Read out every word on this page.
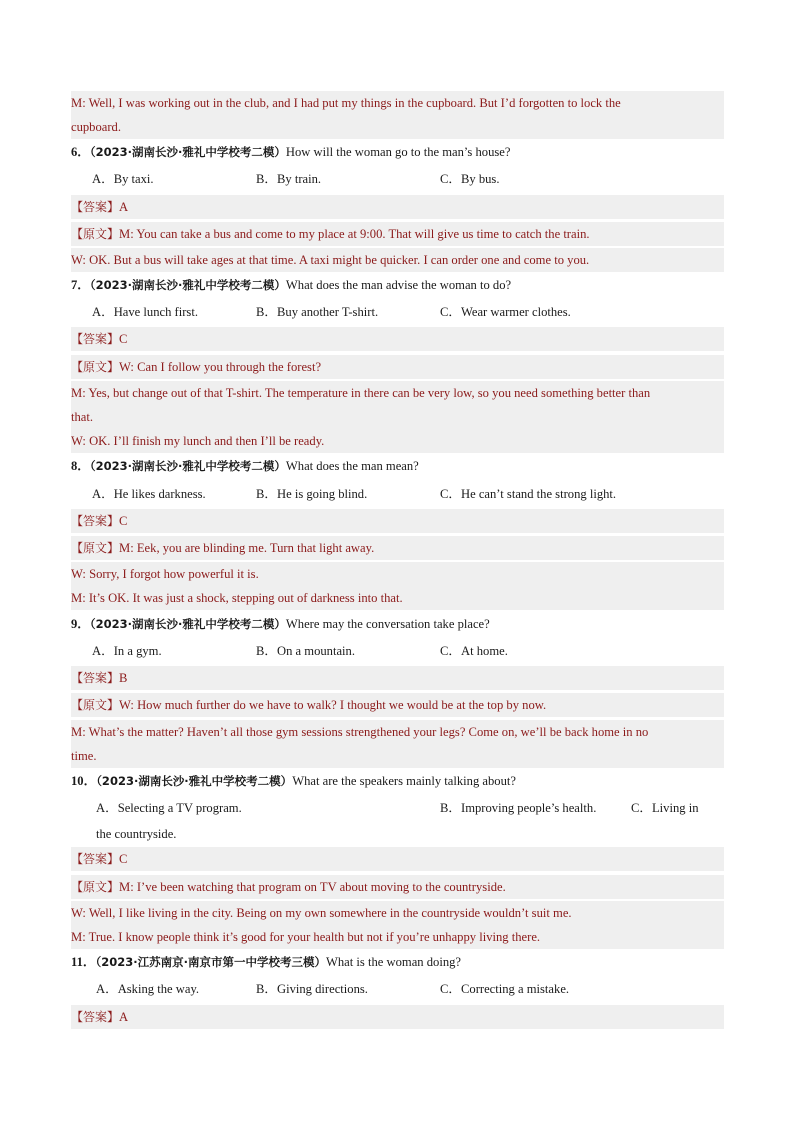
M: Well, I was working out in the club, and I had put my things in the cupboard. But I’d forgotten to lock the
cupboard.
6．（2023·湖南长沙·雅礼中学校考二模）How will the woman go to the man’s house?
A．By taxi.	B．By train.	C．By bus.
【答案】A
【原文】M: You can take a bus and come to my place at 9:00. That will give us time to catch the train.
W: OK. But a bus will take ages at that time. A taxi might be quicker. I can order one and come to you.
7．（2023·湖南长沙·雅礼中学校考二模）What does the man advise the woman to do?
A．Have lunch first.	B．Buy another T-shirt.	C．Wear warmer clothes.
【答案】C
【原文】W: Can I follow you through the forest?
M: Yes, but change out of that T-shirt. The temperature in there can be very low, so you need something better than
that.
W: OK. I’ll finish my lunch and then I’ll be ready.
8．（2023·湖南长沙·雅礼中学校考二模）What does the man mean?
A．He likes darkness.	B．He is going blind.	C．He can’t stand the strong light.
【答案】C
【原文】M: Eek, you are blinding me. Turn that light away.
W: Sorry, I forgot how powerful it is.
M: It’s OK. It was just a shock, stepping out of darkness into that.
9．（2023·湖南长沙·雅礼中学校考二模）Where may the conversation take place?
A．In a gym.	B．On a mountain.	C．At home.
【答案】B
【原文】W: How much further do we have to walk? I thought we would be at the top by now.
M: What’s the matter? Haven’t all those gym sessions strengthened your legs? Come on, we’ll be back home in no
time.
10．（2023·湖南长沙·雅礼中学校考二模）What are the speakers mainly talking about?
A．Selecting a TV program.	B．Improving people’s health.	C．Living in
the countryside.
【答案】C
【原文】M: I’ve been watching that program on TV about moving to the countryside.
W: Well, I like living in the city. Being on my own somewhere in the countryside wouldn’t suit me.
M: True. I know people think it’s good for your health but not if you’re unhappy living there.
11．（2023·江苏南京·南京市第一中学校考三模）What is the woman doing?
A．Asking the way.	B．Giving directions.	C．Correcting a mistake.
【答案】A
